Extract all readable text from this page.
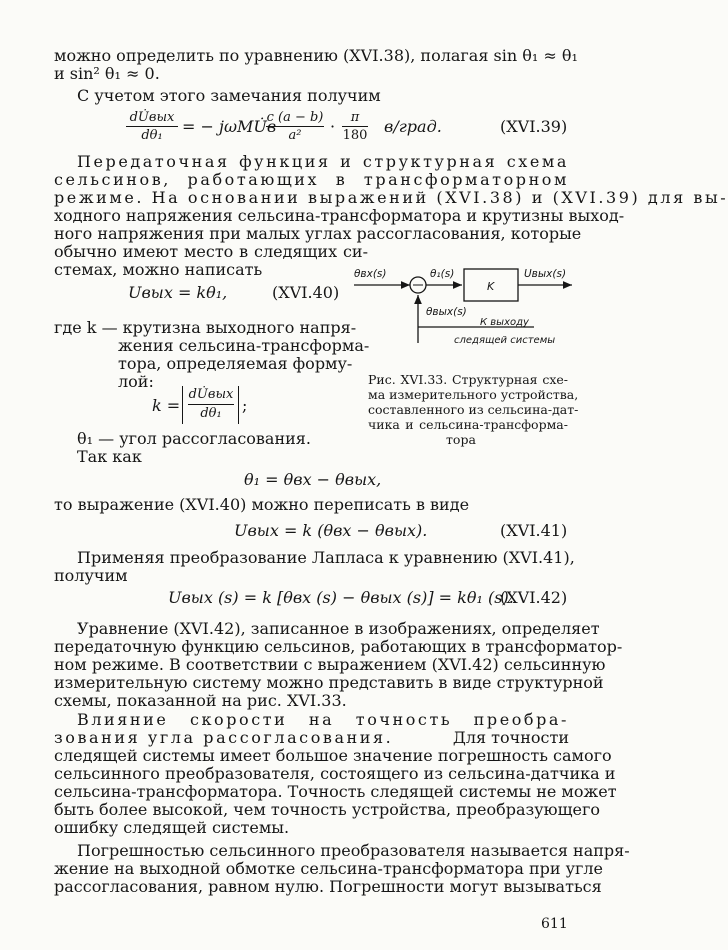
можно определить по уравнению (XVI.38), полагая sin θ₁ ≈ θ₁
и sin² θ₁ ≈ 0.
С учетом этого замечания получим
dU̇вых
dθ₁	= − jωMU̇в
c (a − b)
a²	·	π
180 в/град.	(XVI.39)
Передаточная функция и структурная схема
сельсинов, работающих в трансформаторном
режиме. На основании выражений (XVI.38) и (XVI.39) для вы-
ходного напряжения сельсина-трансформатора и крутизны выход-
ного напряжения при малых углах рассогласования, которые
обычно имеют место в следящих си-
стемах, можно написать
Uвых = kθ₁,	(XVI.40)
где k — крутизна выходного напря-
жения сельсина-трансформа-
тора, определяемая форму-
лой:
k =
dU̇вых
dθ₁	;
θ₁ — угол рассогласования.
Так как
θвх(s)	θ₁(s)
K
Uвых(s)
θвых(s)
К выходу
следящей системы
Рис. XVI.33. Структурная схе-
ма измерительного устройства,
составленного из сельсина-дат-
чика и сельсина-трансформа-
тора
θ₁ = θвх − θвых,
то выражение (XVI.40) можно переписать в виде
Uвых = k (θвх − θвых).	(XVI.41)
Применяя преобразование Лапласа к уравнению (XVI.41),
получим
Uвых (s) = k [θвх (s) − θвых (s)] = kθ₁ (s).
(XVI.42)
Уравнение (XVI.42), записанное в изображениях, определяет
передаточную функцию сельсинов, работающих в трансформатор-
ном режиме. В соответствии с выражением (XVI.42) сельсинную
измерительную систему можно представить в виде структурной
схемы, показанной на рис. XVI.33.
Влияние скорости на точность преобра-
зования угла рассогласования.	Для точности
следящей системы имеет большое значение погрешность самого
сельсинного преобразователя, состоящего из сельсина-датчика и
сельсина-трансформатора. Точность следящей системы не может
быть более высокой, чем точность устройства, преобразующего
ошибку следящей системы.
Погрешностью сельсинного преобразователя называется напря-
жение на выходной обмотке сельсина-трансформатора при угле
рассогласования, равном нулю. Погрешности могут вызываться
611
